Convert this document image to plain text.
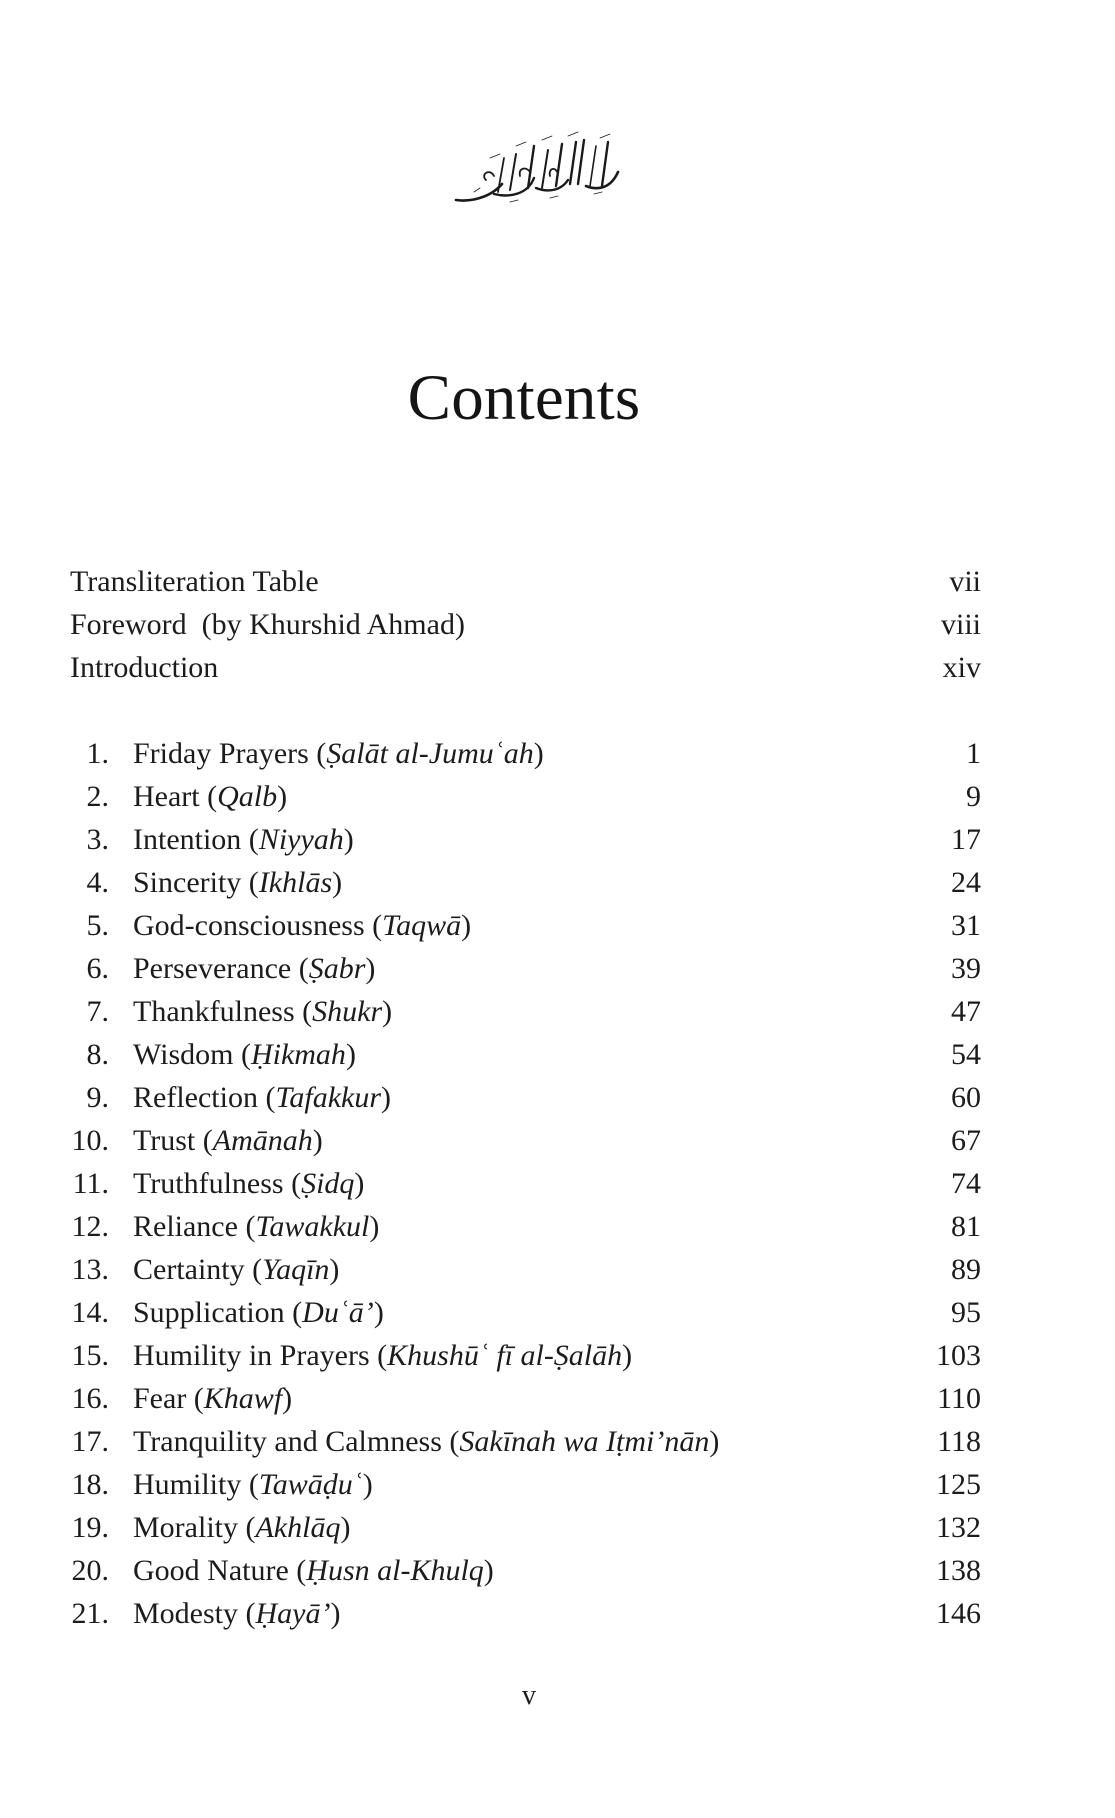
Contents
Transliteration Table	vii
Foreword  (by Khurshid Ahmad)	viii
Introduction	xiv
1. Friday Prayers (Ṣalāt al-Jumuʿah)	1
2. Heart (Qalb)	9
3. Intention (Niyyah)	17
4. Sincerity (Ikhlās)	24
5. God-consciousness (Taqwā)	31
6. Perseverance (Ṣabr)	39
7. Thankfulness (Shukr)	47
8. Wisdom (Ḥikmah)	54
9. Reflection (Tafakkur)	60
10. Trust (Amānah)	67
11. Truthfulness (Ṣidq)	74
12. Reliance (Tawakkul)	81
13. Certainty (Yaqīn)	89
14. Supplication (Duʿā’)	95
15. Humility in Prayers (Khushūʿ fī al-Ṣalāh)	103
16. Fear (Khawf)	110
17. Tranquility and Calmness (Sakīnah wa Iṭmi’nān)	118
18. Humility (Tawāḍuʿ)	125
19. Morality (Akhlāq)	132
20. Good Nature (Ḥusn al-Khulq)	138
21. Modesty (Ḥayā’)	146
v
